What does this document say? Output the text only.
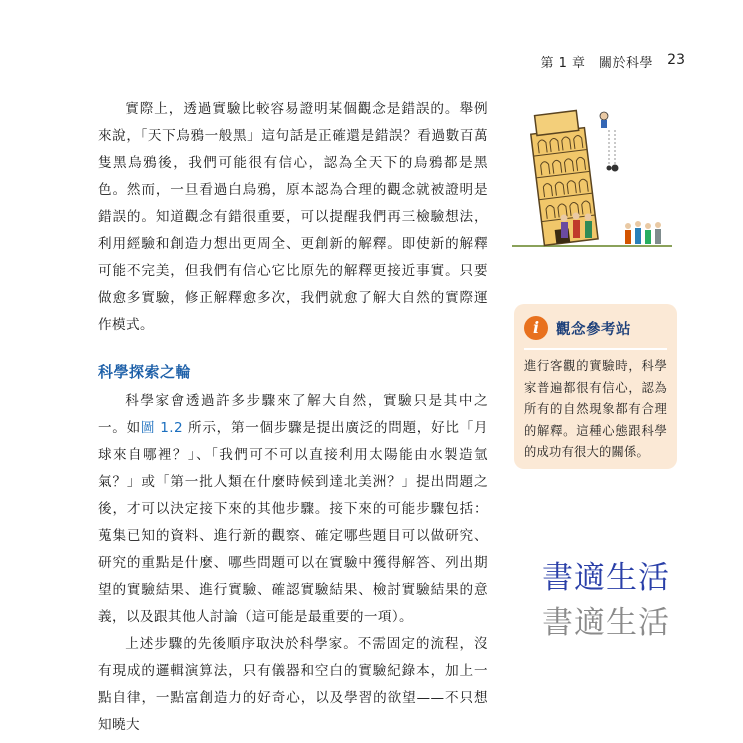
第 1 章　關於科學 23

實際上，透過實驗比較容易證明某個觀念是錯誤的。舉例來說，「天下烏鴉一般黑」這句話是正確還是錯誤？看過數百萬隻黑烏鴉後，我們可能很有信心，認為全天下的烏鴉都是黑色。然而，一旦看過白烏鴉，原本認為合理的觀念就被證明是錯誤的。知道觀念有錯很重要，可以提醒我們再三檢驗想法，利用經驗和創造力想出更周全、更創新的解釋。即使新的解釋可能不完美，但我們有信心它比原先的解釋更接近事實。只要做愈多實驗，修正解釋愈多次，我們就愈了解大自然的實際運作模式。

科學探索之輪

科學家會透過許多步驟來了解大自然，實驗只是其中之一。如圖 1.2 所示，第一個步驟是提出廣泛的問題，好比「月球來自哪裡？」、「我們可不可以直接利用太陽能由水製造氫氣？」或「第一批人類在什麼時候到達北美洲？」提出問題之後，才可以決定接下來的其他步驟。接下來的可能步驟包括：蒐集已知的資料、進行新的觀察、確定哪些題目可以做研究、研究的重點是什麼、哪些問題可以在實驗中獲得解答、列出期望的實驗結果、進行實驗、確認實驗結果、檢討實驗結果的意義，以及跟其他人討論（這可能是最重要的一項）。

上述步驟的先後順序取決於科學家。不需固定的流程，沒有現成的邏輯演算法，只有儀器和空白的實驗紀錄本，加上一點自律，一點富創造力的好奇心，以及學習的欲望——不只想知曉大

i	觀念參考站

進行客觀的實驗時，科學家普遍都很有信心，認為所有的自然現象都有合理的解釋。這種心態跟科學的成功有很大的關係。

書適生活
書適生活
